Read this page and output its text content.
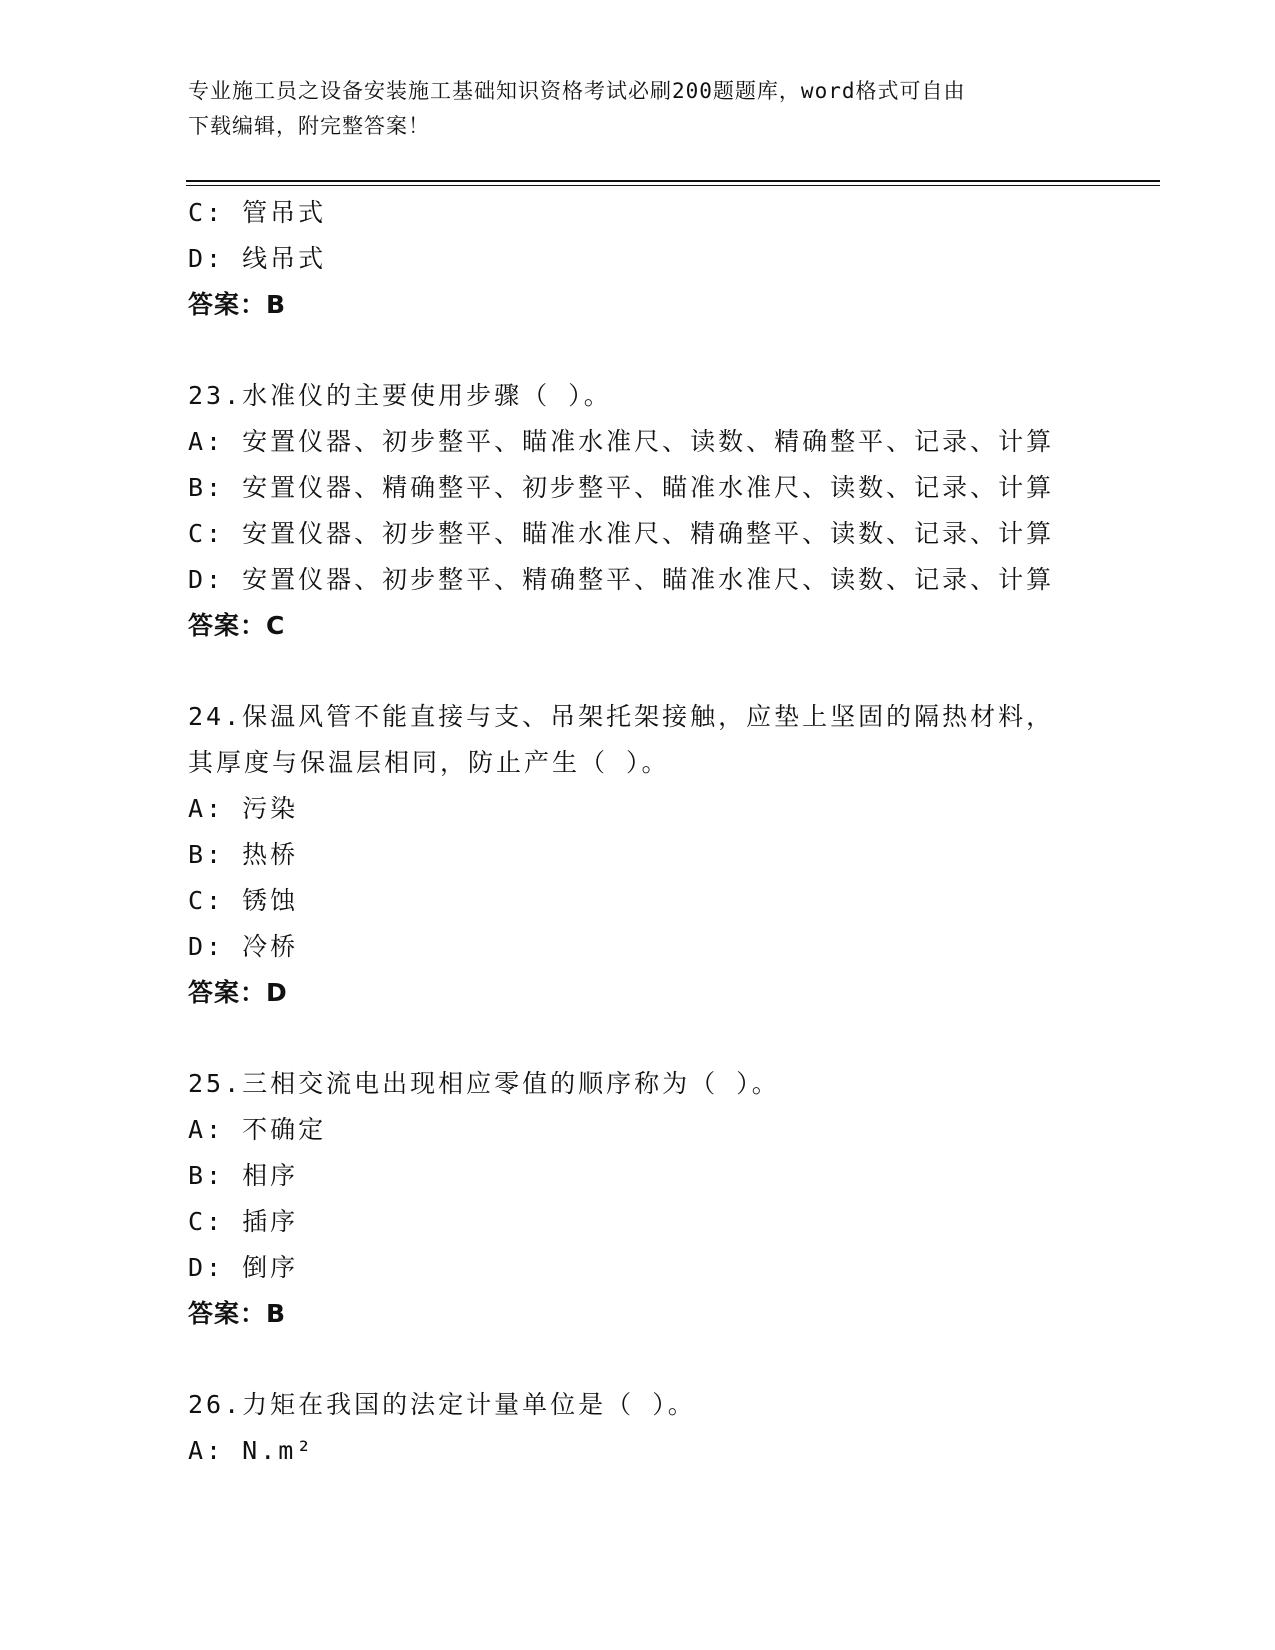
专业施工员之设备安装施工基础知识资格考试必刷200题题库，word格式可自由
下载编辑，附完整答案！
C: 管吊式
D: 线吊式
答案：B
23.水准仪的主要使用步骤（ ）。
A: 安置仪器、初步整平、瞄准水准尺、读数、精确整平、记录、计算
B: 安置仪器、精确整平、初步整平、瞄准水准尺、读数、记录、计算
C: 安置仪器、初步整平、瞄准水准尺、精确整平、读数、记录、计算
D: 安置仪器、初步整平、精确整平、瞄准水准尺、读数、记录、计算
答案：C
24.保温风管不能直接与支、吊架托架接触，应垫上坚固的隔热材料，
其厚度与保温层相同，防止产生（ ）。
A: 污染
B: 热桥
C: 锈蚀
D: 冷桥
答案：D
25.三相交流电出现相应零值的顺序称为（ ）。
A: 不确定
B: 相序
C: 插序
D: 倒序
答案：B
26.力矩在我国的法定计量单位是（ ）。
A: N.m²
